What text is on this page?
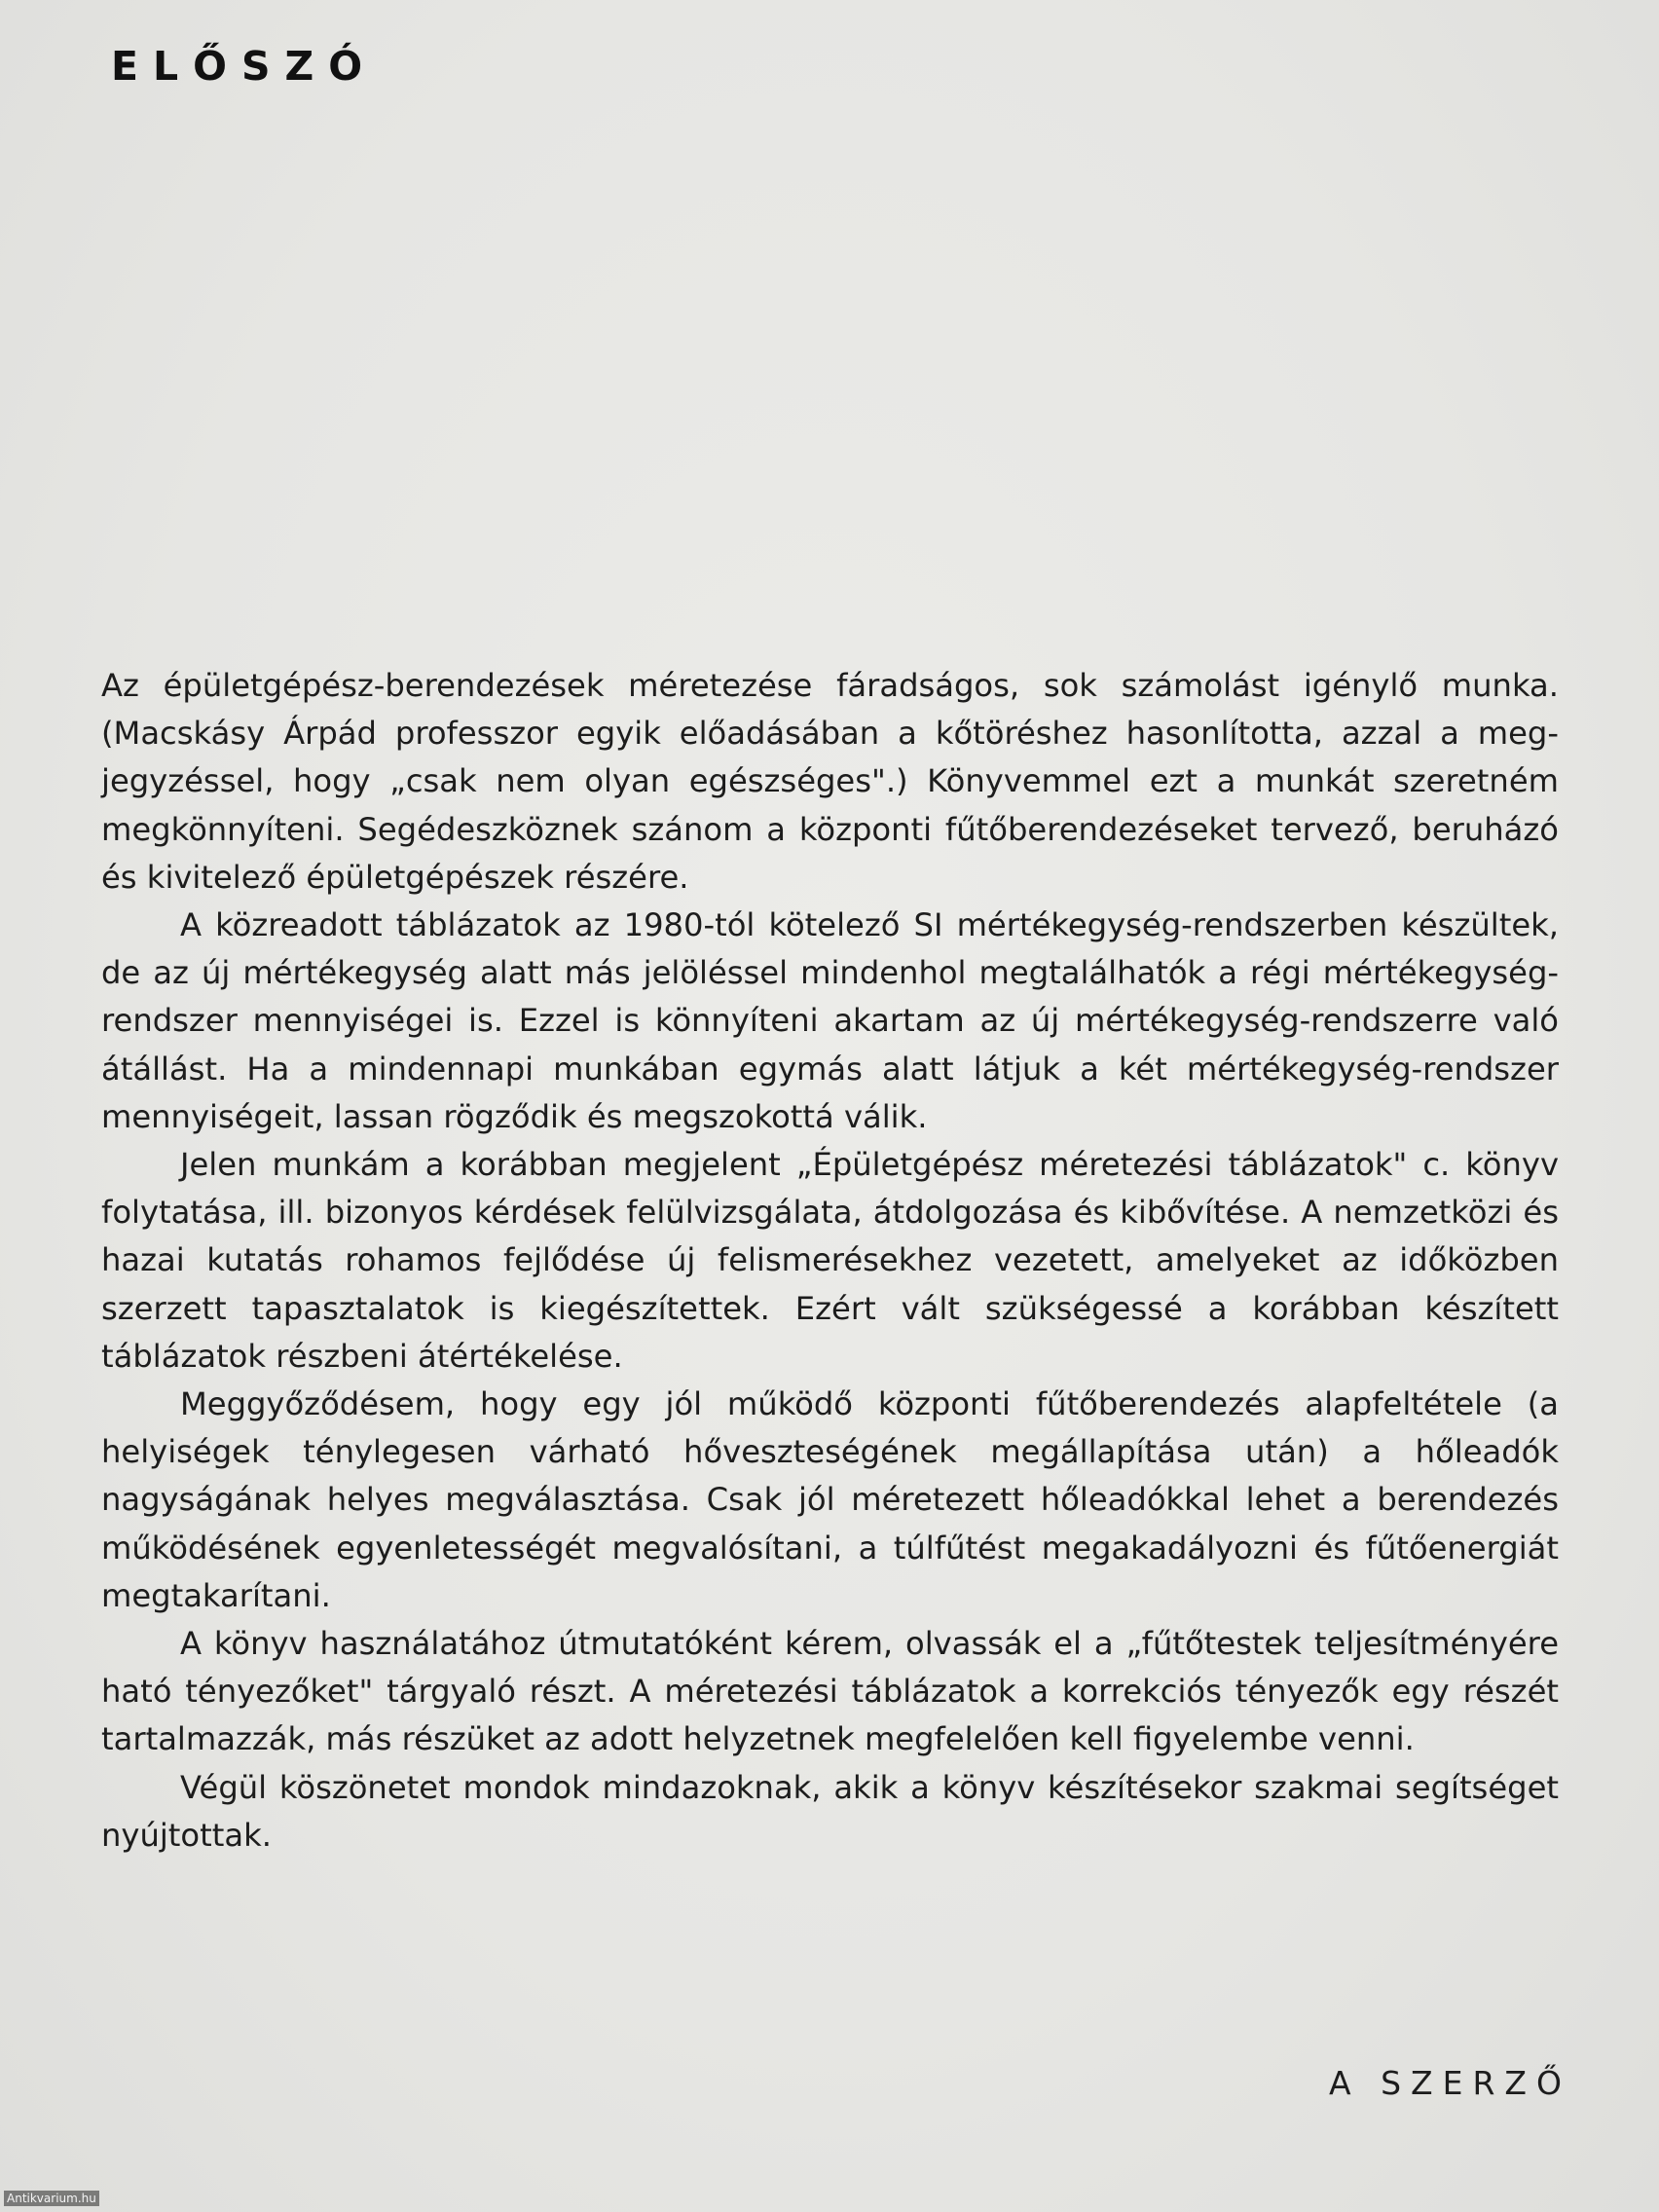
ELŐSZÓ

Az épületgépész-berendezések méretezése fáradságos, sok számolást igénylő munka. (Macskásy Árpád professzor egyik előadásában a kőtöréshez hasonlította, azzal a megjegyzéssel, hogy „csak nem olyan egészséges".) Könyvemmel ezt a munkát szeretném megkönnyíteni. Segédeszköznek szánom a központi fűtőberendezéseket tervező, beruházó és kivitelező épületgépészek részére.

A közreadott táblázatok az 1980-tól kötelező SI mértékegység-rendszerben készültek, de az új mértékegység alatt más jelöléssel mindenhol megtalálhatók a régi mértékegység-rendszer mennyiségei is. Ezzel is könnyíteni akartam az új mértékegység-rendszerre való átállást. Ha a mindennapi munkában egymás alatt látjuk a két mértékegység-rendszer mennyiségeit, lassan rögződik és megszokottá válik.

Jelen munkám a korábban megjelent „Épületgépész méretezési táblázatok" c. könyv folytatása, ill. bizonyos kérdések felülvizsgálata, átdolgozása és kibővítése. A nemzetközi és hazai kutatás rohamos fejlődése új felismerésekhez vezetett, amelyeket az időközben szerzett tapasztalatok is kiegészítettek. Ezért vált szükségessé a korábban készített táblázatok részbeni átértékelése.

Meggyőződésem, hogy egy jól működő központi fűtőberendezés alapfeltétele (a helyiségek ténylegesen várható hőveszteségének megállapítása után) a hőleadók nagyságának helyes megválasztása. Csak jól méretezett hőleadókkal lehet a berendezés működésének egyenletességét megvalósítani, a túlfűtést megakadályozni és fűtőenergiát megtakarítani.

A könyv használatához útmutatóként kérem, olvassák el a „fűtőtestek teljesítményére ható tényezőket" tárgyaló részt. A méretezési táblázatok a korrekciós tényezők egy részét tartalmazzák, más részüket az adott helyzetnek megfelelően kell figyelembe venni.

Végül köszönetet mondok mindazoknak, akik a könyv készítésekor szakmai segítséget nyújtottak.

A SZERZŐ
Antikvarium.hu
